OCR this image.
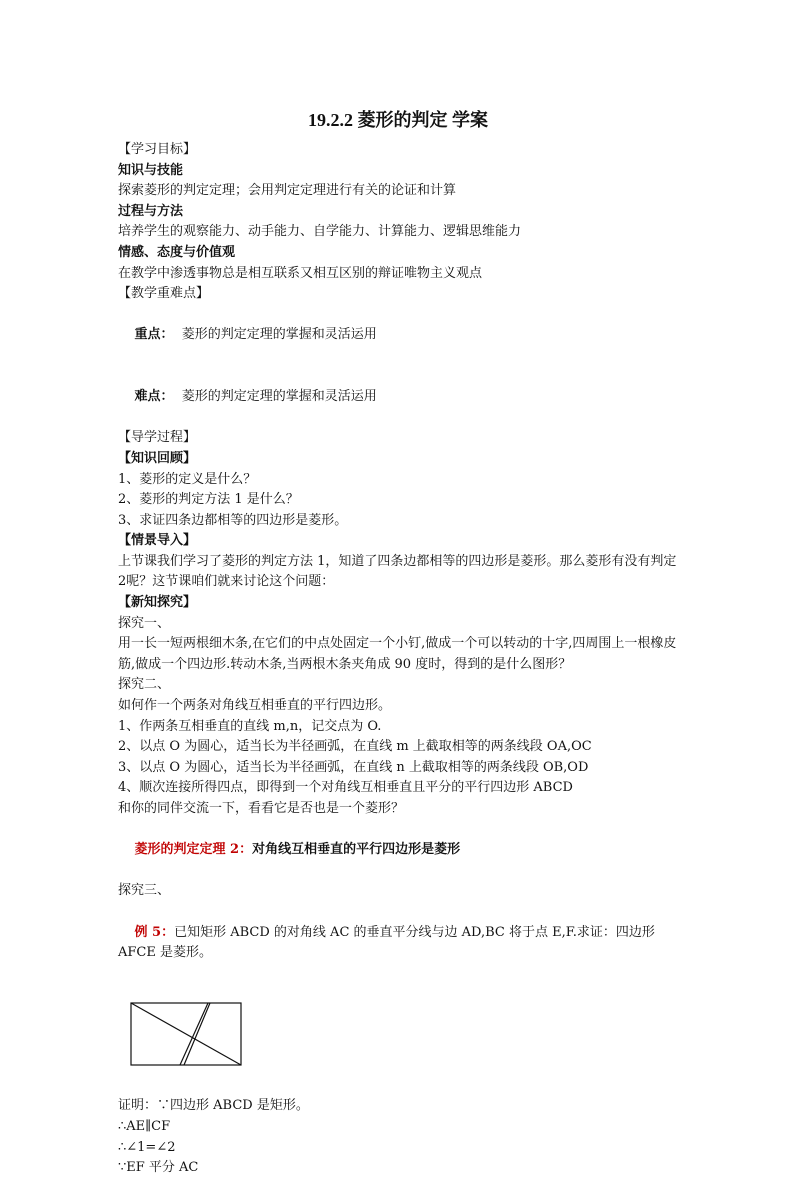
19.2.2 菱形的判定 学案
【学习目标】
知识与技能
探索菱形的判定定理；会用判定定理进行有关的论证和计算
过程与方法
培养学生的观察能力、动手能力、自学能力、计算能力、逻辑思维能力
情感、态度与价值观
在教学中渗透事物总是相互联系又相互区别的辩证唯物主义观点
【教学重难点】

重点：  菱形的判定定理的掌握和灵活运用

难点：  菱形的判定定理的掌握和灵活运用

【导学过程】
【知识回顾】
1、菱形的定义是什么？
2、菱形的判定方法 1 是什么？
3、求证四条边都相等的四边形是菱形。
【情景导入】
上节课我们学习了菱形的判定方法 1，知道了四条边都相等的四边形是菱形。那么菱形有没有判定 2呢？这节课咱们就来讨论这个问题：
【新知探究】
探究一、
用一长一短两根细木条,在它们的中点处固定一个小钉,做成一个可以转动的十字,四周围上一根橡皮筋,做成一个四边形.转动木条,当两根木条夹角成 90 度时，得到的是什么图形？
探究二、
如何作一个两条对角线互相垂直的平行四边形。
1、作两条互相垂直的直线 m,n，记交点为 O.
2、以点 O 为圆心，适当长为半径画弧，在直线 m 上截取相等的两条线段 OA,OC
3、以点 O 为圆心，适当长为半径画弧，在直线 n 上截取相等的两条线段 OB,OD
4、顺次连接所得四点，即得到一个对角线互相垂直且平分的平行四边形 ABCD
和你的同伴交流一下，看看它是否也是一个菱形？

菱形的判定定理 2：对角线互相垂直的平行四边形是菱形

探究三、

例 5：已知矩形 ABCD 的对角线 AC 的垂直平分线与边 AD,BC 将于点 E,F.求证：四边形 AFCE 是菱形。

证明：∵四边形 ABCD 是矩形。
∴AE∥CF
∴∠1=∠2
∵EF 平分 AC
